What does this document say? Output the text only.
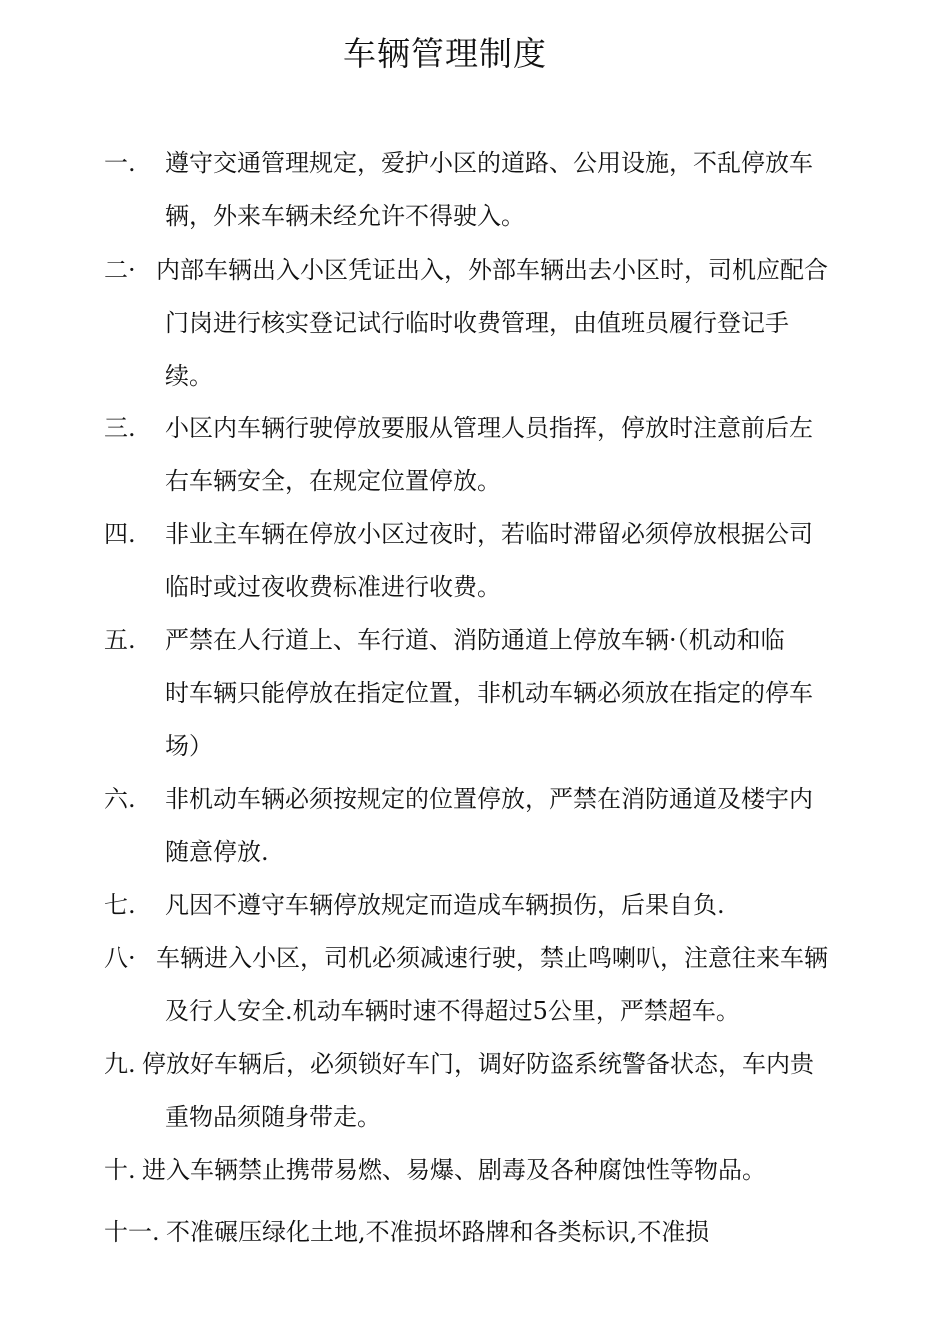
车辆管理制度
一. 遵守交通管理规定，爱护小区的道路、公用设施，不乱停放车
辆，外来车辆未经允许不得驶入。
二· 内部车辆出入小区凭证出入，外部车辆出去小区时，司机应配合
门岗进行核实登记试行临时收费管理，由值班员履行登记手
续。
三. 小区内车辆行驶停放要服从管理人员指挥，停放时注意前后左
右车辆安全，在规定位置停放。
四. 非业主车辆在停放小区过夜时，若临时滞留必须停放根据公司
临时或过夜收费标准进行收费。
五. 严禁在人行道上、车行道、消防通道上停放车辆·（机动和临
时车辆只能停放在指定位置，非机动车辆必须放在指定的停车
场）
六. 非机动车辆必须按规定的位置停放，严禁在消防通道及楼宇内
随意停放.
七. 凡因不遵守车辆停放规定而造成车辆损伤，后果自负.
八· 车辆进入小区，司机必须减速行驶，禁止鸣喇叭，注意往来车辆
及行人安全.机动车辆时速不得超过5公里，严禁超车。
九. 停放好车辆后，必须锁好车门，调好防盗系统警备状态，车内贵
重物品须随身带走。
十. 进入车辆禁止携带易燃、易爆、剧毒及各种腐蚀性等物品。
十一. 不准碾压绿化土地,不准损坏路牌和各类标识,不准损
